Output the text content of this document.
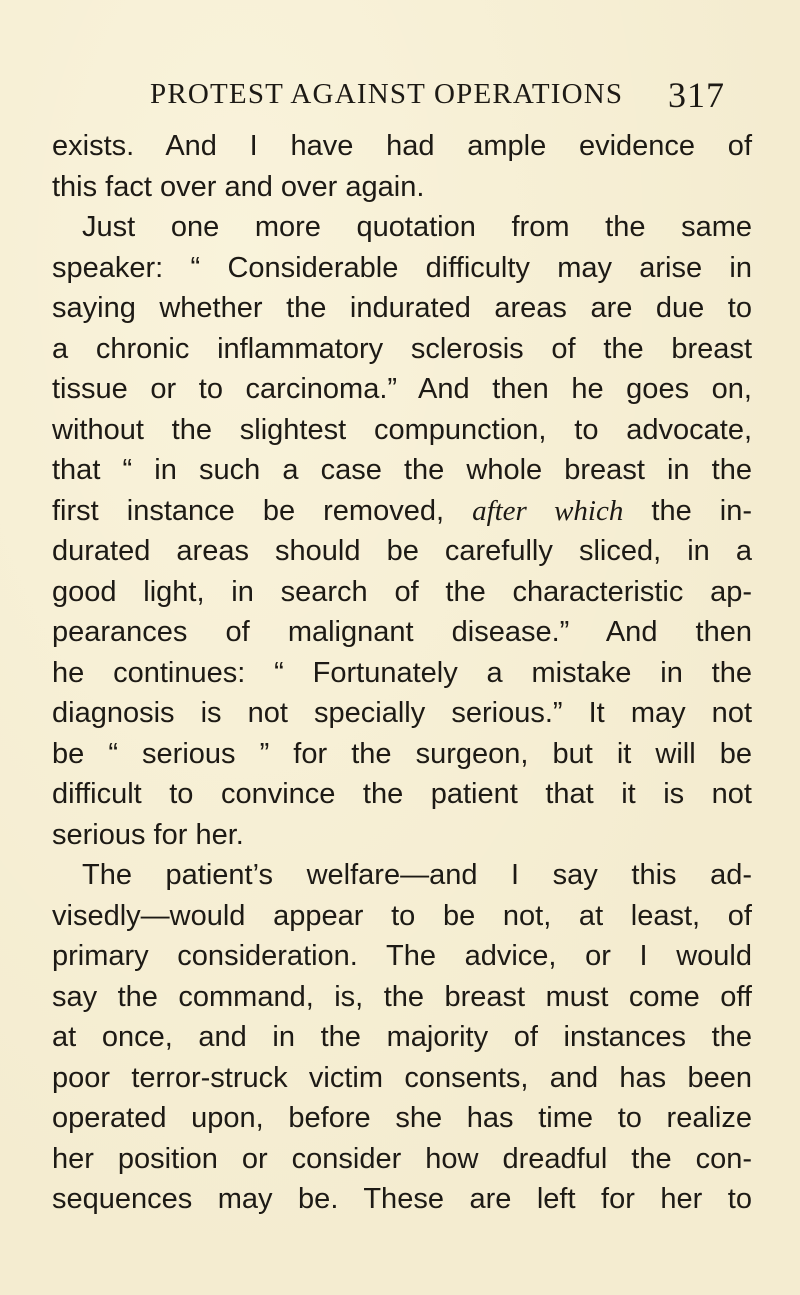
PROTEST AGAINST OPERATIONS 317
exists. And I have had ample evidence of
this fact over and over again.
Just one more quotation from the same
speaker: “ Considerable difficulty may arise in
saying whether the indurated areas are due to
a chronic inflammatory sclerosis of the breast
tissue or to carcinoma.” And then he goes on,
without the slightest compunction, to advocate,
that “ in such a case the whole breast in the
first instance be removed, after which the in-
durated areas should be carefully sliced, in a
good light, in search of the characteristic ap-
pearances of malignant disease.” And then
he continues: “ Fortunately a mistake in the
diagnosis is not specially serious.” It may not
be “ serious ” for the surgeon, but it will be
difficult to convince the patient that it is not
serious for her.
The patient’s welfare—and I say this ad-
visedly—would appear to be not, at least, of
primary consideration. The advice, or I would
say the command, is, the breast must come off
at once, and in the majority of instances the
poor terror-struck victim consents, and has been
operated upon, before she has time to realize
her position or consider how dreadful the con-
sequences may be. These are left for her to
